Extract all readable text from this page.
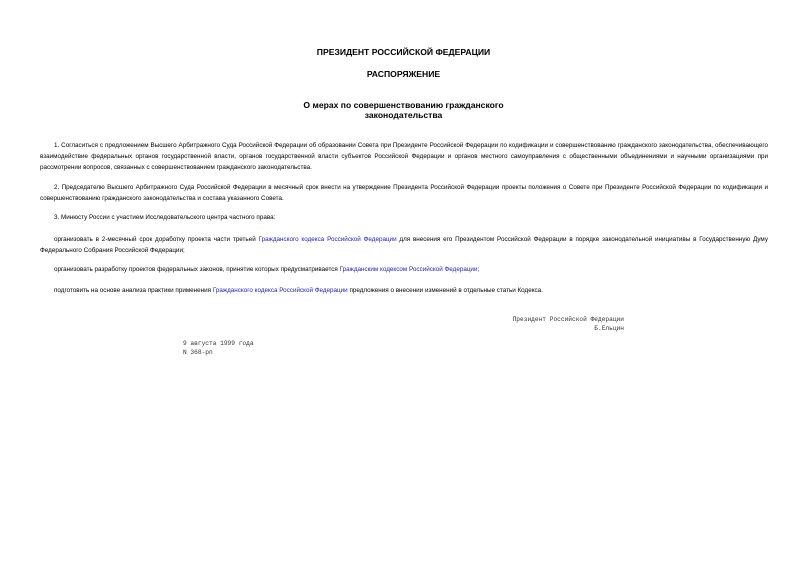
ПРЕЗИДЕНТ РОССИЙСКОЙ ФЕДЕРАЦИИ
РАСПОРЯЖЕНИЕ
О мерах по совершенствованию гражданского
законодательства
1. Согласиться с предложением Высшего Арбитражного Суда Российской Федерации об образовании Совета при Президенте Российской Федерации по кодификации и совершенствованию гражданского законодательства, обеспечивающего взаимодействие федеральных органов государственной власти, органов государственной власти субъектов Российской Федерации и органов местного самоуправления с общественными объединениями и научными организациями при рассмотрении вопросов, связанных с совершенствованием гражданского законодательства.
2. Председателю Высшего Арбитражного Суда Российской Федерации в месячный срок внести на утверждение Президента Российской Федерации проекты положения о Совете при Президенте Российской Федерации по кодификации и совершенствованию гражданского законодательства и состава указанного Совета.
3. Минюсту России с участием Исследовательского центра частного права:
организовать в 2-месячный срок доработку проекта части третьей Гражданского кодекса Российской Федерации для внесения его Президентом Российской Федерации в порядке законодательной инициативы в Государственную Думу Федерального Собрания Российской Федерации;
организовать разработку проектов федеральных законов, принятие которых предусматривается Гражданским кодексом Российской Федерации;
подготовить на основе анализа практики применения Гражданского кодекса Российской Федерации предложения о внесении изменений в отдельные статьи Кодекса.
Президент Российской Федерации
Б.Ельцин
9 августа 1999 года
N 368-рп
